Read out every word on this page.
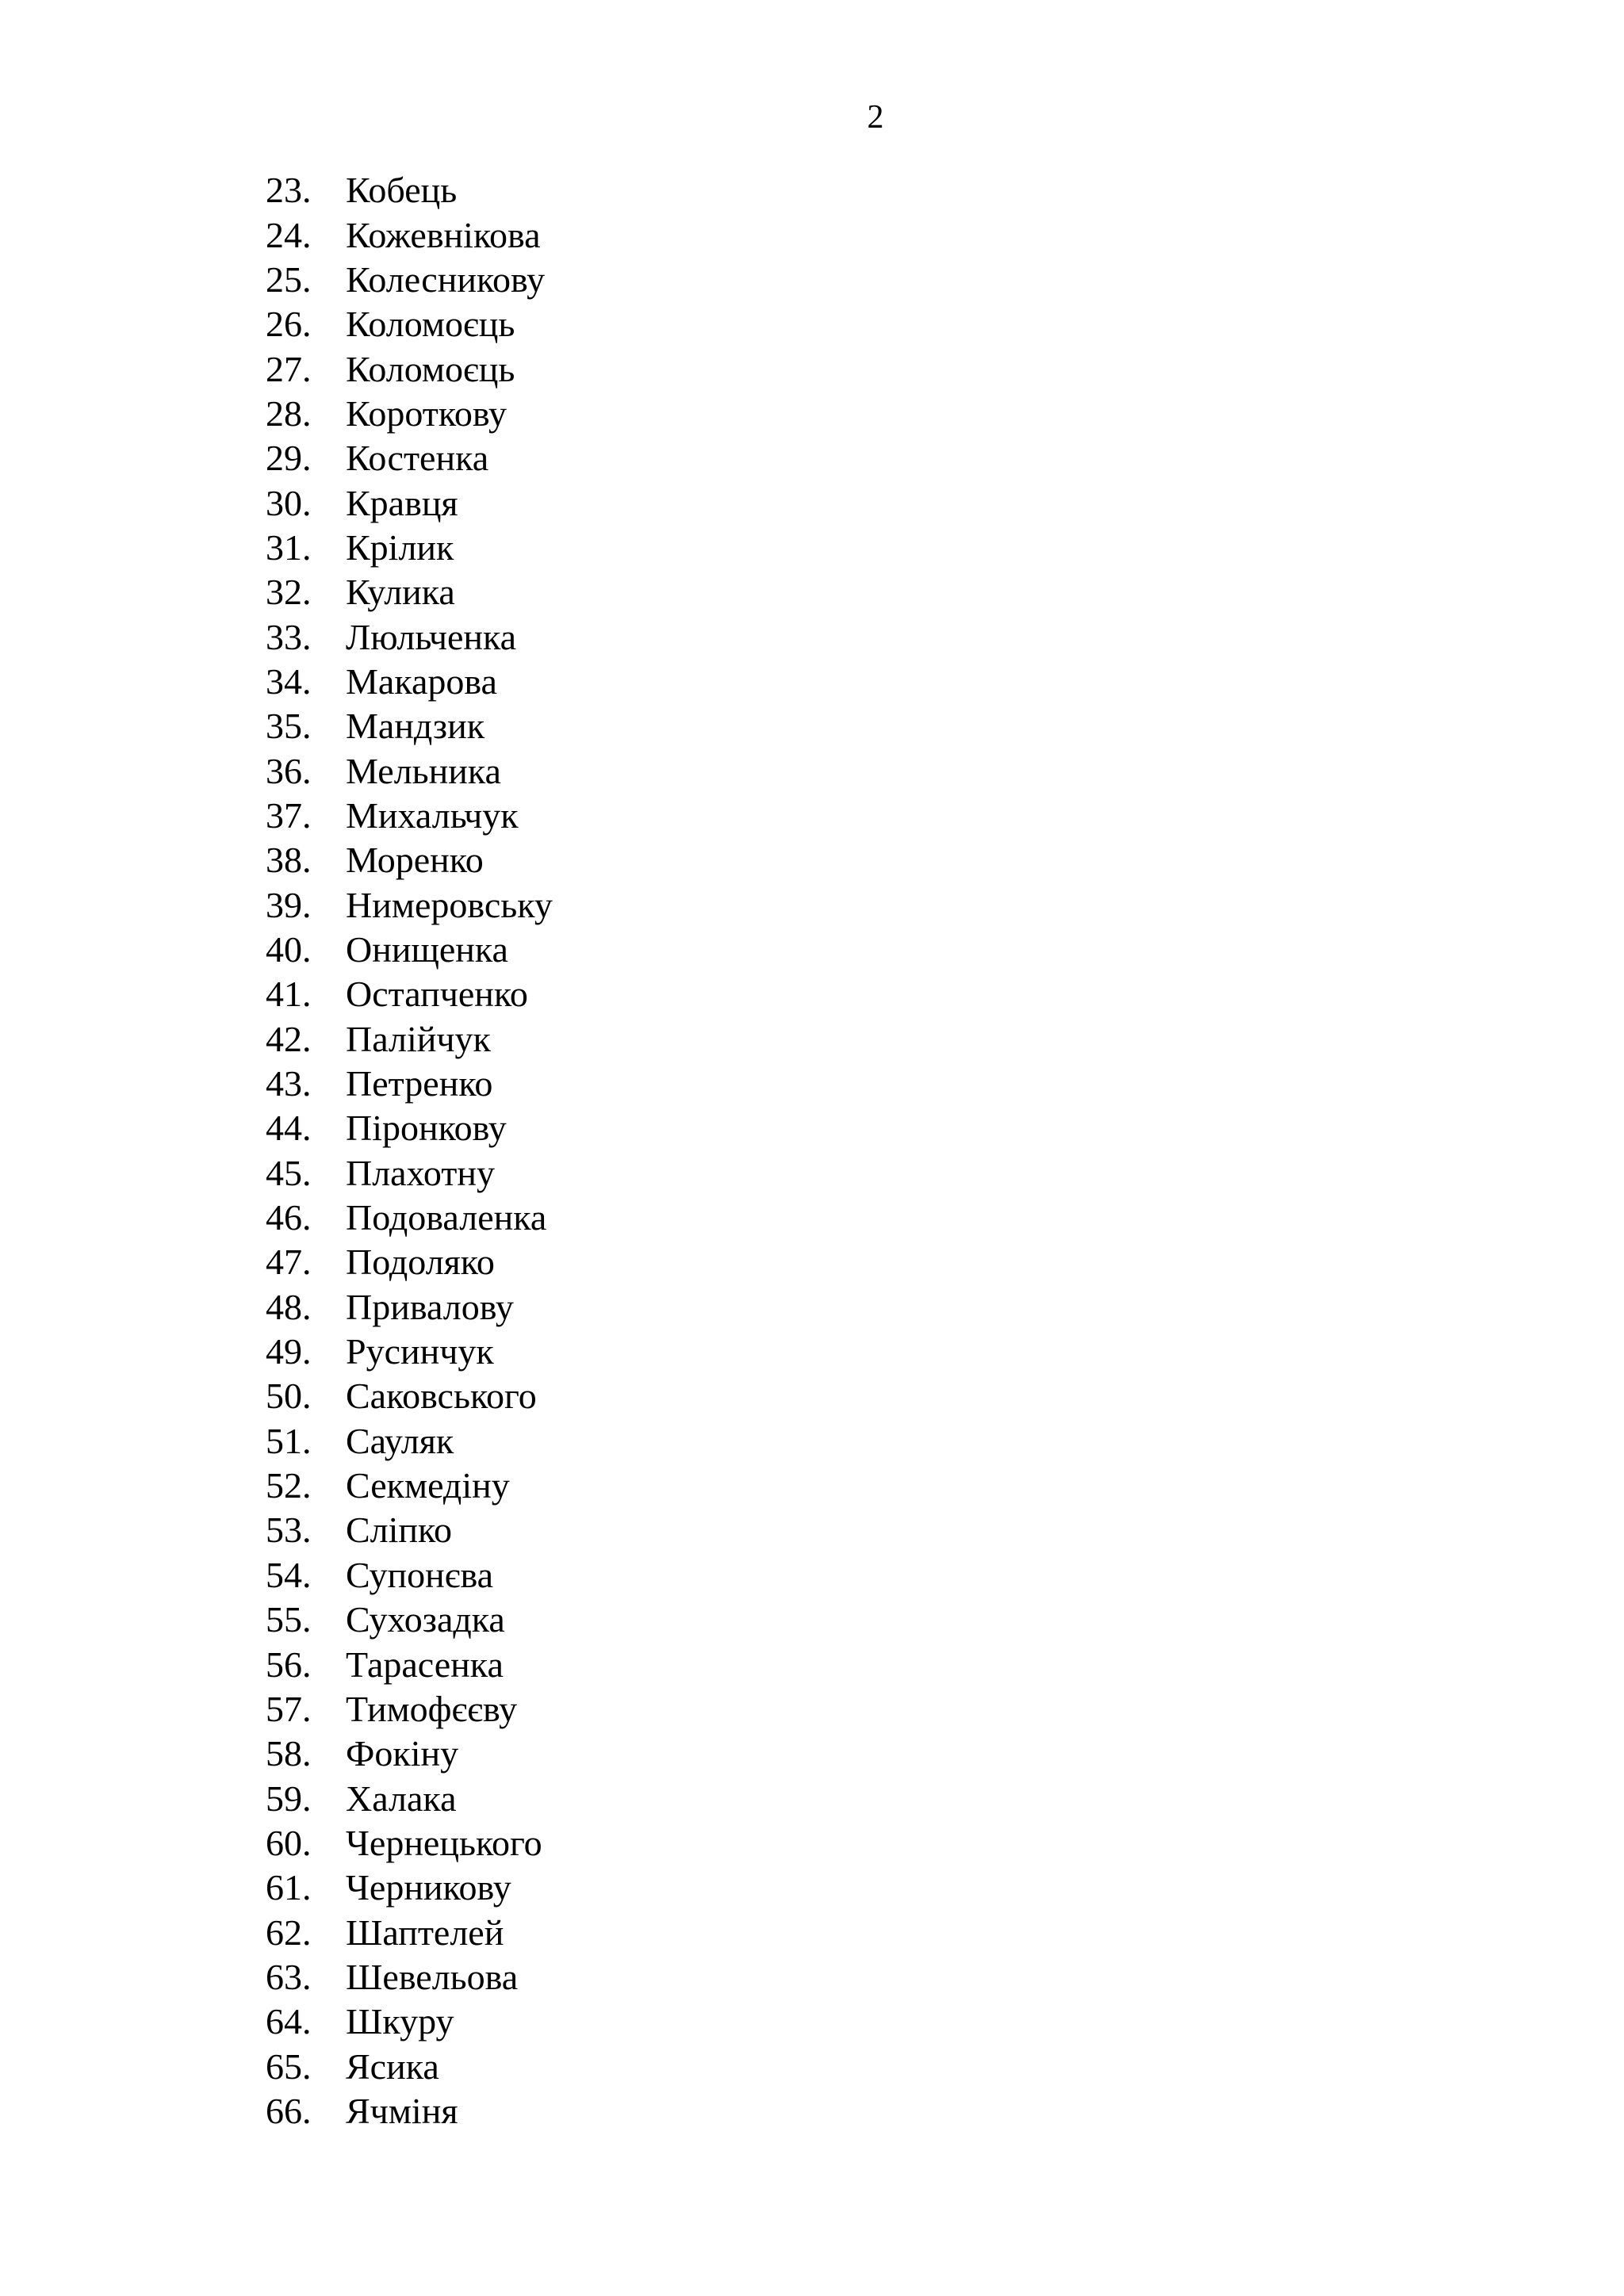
2
23. Кобець
24. Кожевнікова
25. Колесникову
26. Коломоєць
27. Коломоєць
28. Короткову
29. Костенка
30. Кравця
31. Крілик
32. Кулика
33. Люльченка
34. Макарова
35. Мандзик
36. Мельника
37. Михальчук
38. Моренко
39. Нимеровську
40. Онищенка
41. Остапченко
42. Палійчук
43. Петренко
44. Піронкову
45. Плахотну
46. Подоваленка
47. Подоляко
48. Привалову
49. Русинчук
50. Саковського
51. Сауляк
52. Секмедіну
53. Сліпко
54. Супонєва
55. Сухозадка
56. Тарасенка
57. Тимофєєву
58. Фокіну
59. Халака
60. Чернецького
61. Черникову
62. Шаптелей
63. Шевельова
64. Шкуру
65. Ясика
66. Ячміня
